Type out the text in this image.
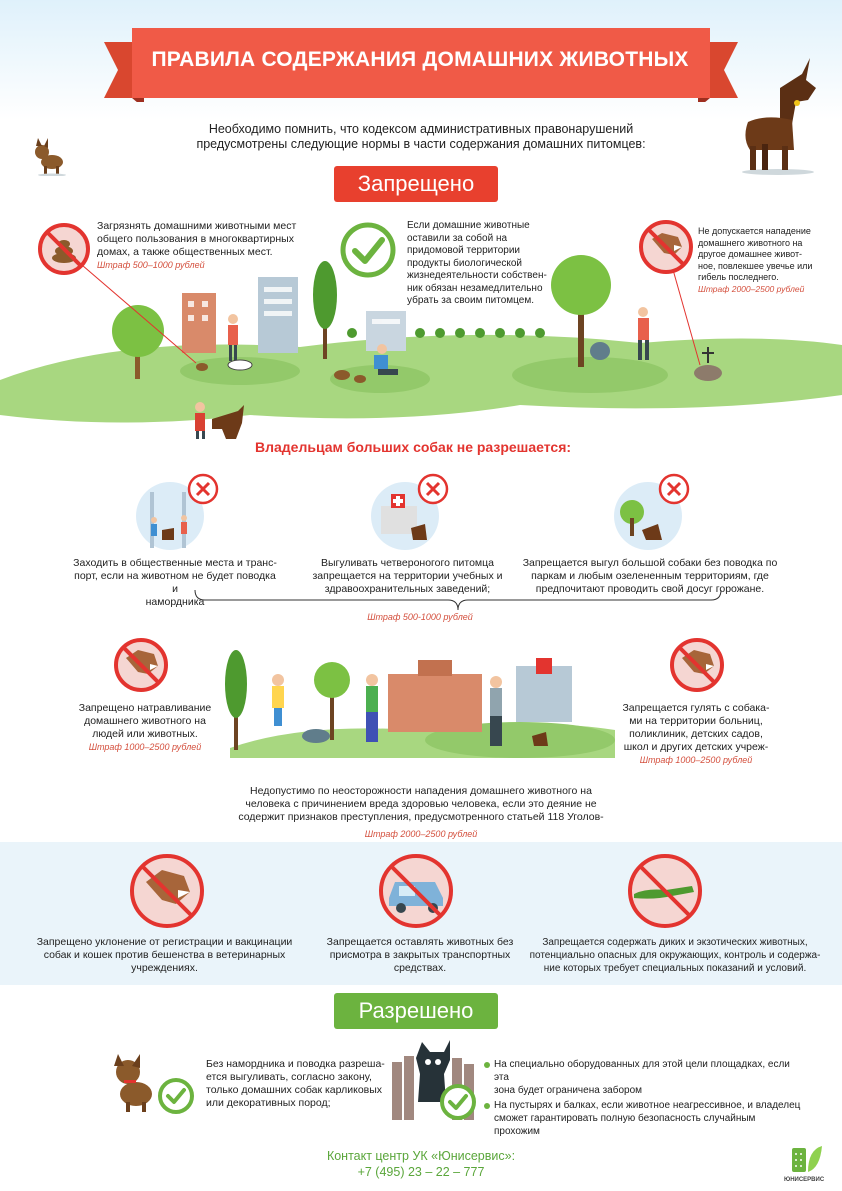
ПРАВИЛА СОДЕРЖАНИЯ ДОМАШНИХ ЖИВОТНЫХ
Необходимо помнить, что кодексом административных правонарушений
предусмотрены следующие нормы в части содержания домашних питомцев:
Запрещено
Загрязнять домашними животными мест
общего пользования в многоквартирных
домах, а также общественных мест.
Штраф 500–1000 рублей
Если домашние животные
оставили за собой на
придомовой территории
продукты биологической
жизнедеятельности собствен-
ник обязан незамедлительно
убрать за своим питомцем.
Не допускается нападение
домашнего животного на
другое домашнее живот-
ное, повлекшее увечье или
гибель последнего.
Штраф 2000–2500 рублей
Владельцам больших собак не разрешается:
Заходить в общественные места и транс-
порт, если на животном не будет поводка и
намордника
Выгуливать четвероногого питомца
запрещается на территории учебных и
здравоохранительных заведений;
Запрещается выгул большой собаки без поводка по
паркам и любым озелененным территориям, где
предпочитают проводить свой досуг горожане.
Штраф 500-1000 рублей
Запрещено натравливание
домашнего животного на
людей или животных.
Штраф 1000–2500 рублей
Запрещается гулять с собака-
ми на территории больниц,
поликлиник, детских садов,
школ и других детских учреж-
Штраф 1000–2500 рублей
Недопустимо по неосторожности нападения домашнего животного на
человека с причинением вреда здоровью человека, если это деяние не
содержит признаков преступления, предусмотренного статьей 118 Уголов-
Штраф 2000–2500 рублей
Запрещено уклонение от регистрации и вакцинации
собак и кошек против бешенства в ветеринарных
учреждениях.
Запрещается оставлять животных без
присмотра в закрытых транспортных
средствах.
Запрещается содержать диких и экзотических животных,
потенциально опасных для окружающих, контроль и содержа-
ние которых требует специальных показаний и условий.
Разрешено
Без намордника и поводка разреша-
ется выгуливать, согласно закону,
только домашних собак карликовых
или декоративных пород;
На специально оборудованных для этой цели площадках, если эта
зона будет ограничена забором
На пустырях и балках, если животное неагрессивное, и владелец
сможет гарантировать полную безопасность случайным прохожим
Контакт центр УК «Юнисервис»:
+7 (495) 23 – 22 – 777
ЮНИСЕРВИС
